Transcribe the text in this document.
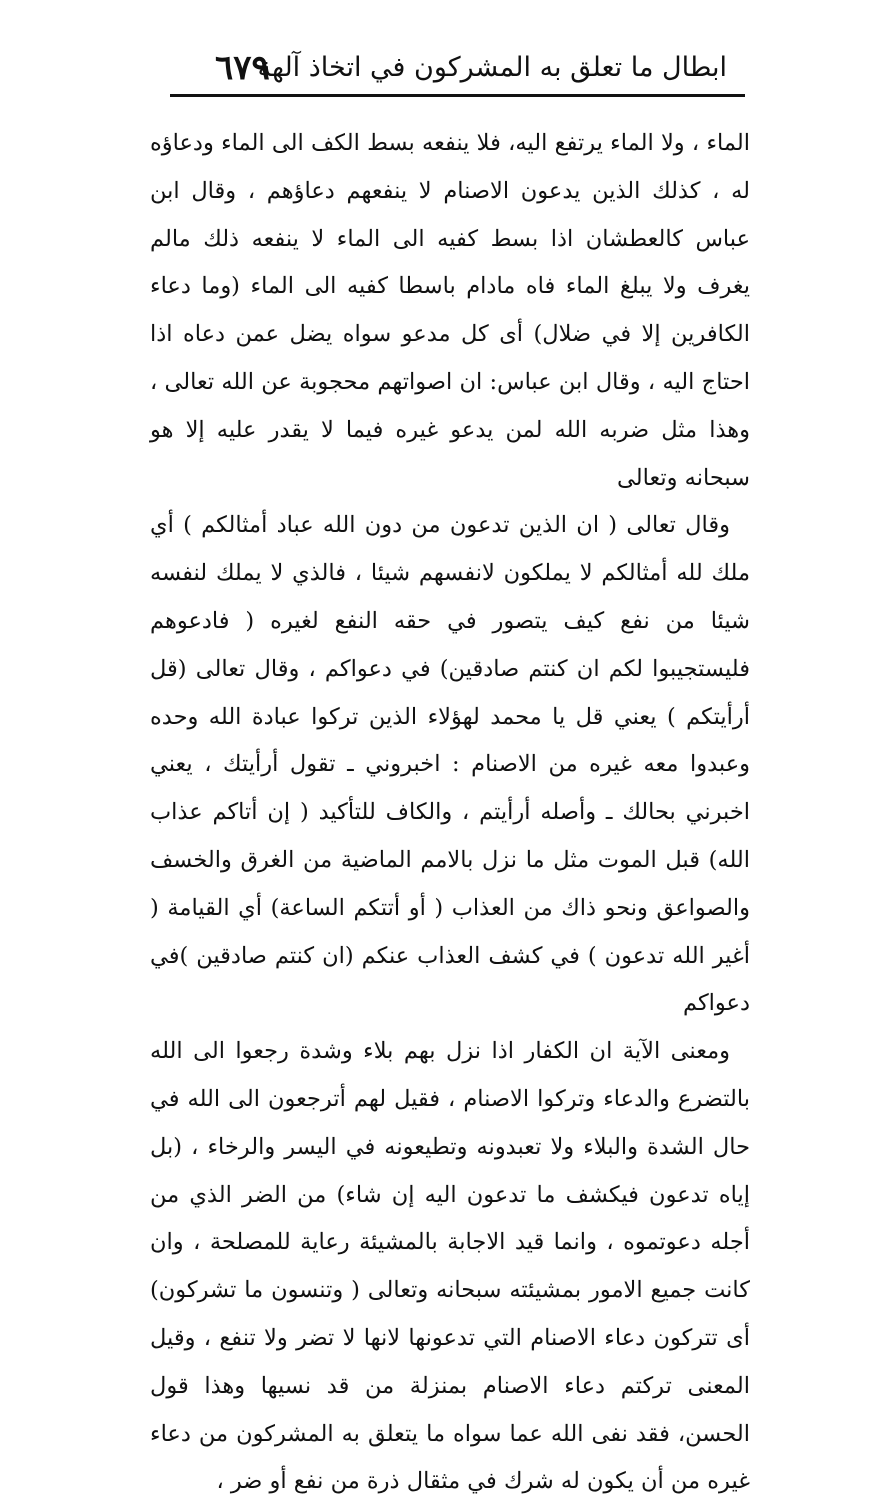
ابطال ما تعلق به المشركون في اتخاذ آلهة
٦٧٩

الماء ، ولا الماء يرتفع اليه، فلا ينفعه بسط الكف الى الماء ودعاؤه له ، كذلك الذين يدعون الاصنام لا ينفعهم دعاؤهم ، وقال ابن عباس كالعطشان اذا بسط كفيه الى الماء لا ينفعه ذلك مالم يغرف ولا يبلغ الماء فاه مادام باسطا كفيه الى الماء (وما دعاء الكافرين إلا في ضلال) أى كل مدعو سواه يضل عمن دعاه اذا احتاج اليه ، وقال ابن عباس: ان اصواتهم محجوبة عن الله تعالى ، وهذا مثل ضربه الله لمن يدعو غيره فيما لا يقدر عليه إلا هو سبحانه وتعالى

وقال تعالى ( ان الذين تدعون من دون الله عباد أمثالكم ) أي ملك لله أمثالكم لا يملكون لانفسهم شيئا ، فالذي لا يملك لنفسه شيئا من نفع كيف يتصور في حقه النفع لغيره ( فادعوهم فليستجيبوا لكم ان كنتم صادقين) في دعواكم ، وقال تعالى (قل أرأيتكم ) يعني قل يا محمد لهؤلاء الذين تركوا عبادة الله وحده وعبدوا معه غيره من الاصنام : اخبروني ـ تقول أرأيتك ، يعني اخبرني بحالك ـ وأصله أرأيتم ، والكاف للتأكيد ( إن أتاكم عذاب الله) قبل الموت مثل ما نزل بالامم الماضية من الغرق والخسف والصواعق ونحو ذاك من العذاب ( أو أتتكم الساعة) أي القيامة ( أغير الله تدعون ) في كشف العذاب عنكم (ان كنتم صادقين )في دعواكم

ومعنى الآية ان الكفار اذا نزل بهم بلاء وشدة رجعوا الى الله بالتضرع والدعاء وتركوا الاصنام ، فقيل لهم أترجعون الى الله في حال الشدة والبلاء ولا تعبدونه وتطيعونه في اليسر والرخاء ، (بل إياه تدعون فيكشف ما تدعون اليه إن شاء) من الضر الذي من أجله دعوتموه ، وانما قيد الاجابة بالمشيئة رعاية للمصلحة ، وان كانت جميع الامور بمشيئته سبحانه وتعالى ( وتنسون ما تشركون) أى تتركون دعاء الاصنام التي تدعونها لانها لا تضر ولا تنفع ، وقيل المعنى تركتم دعاء الاصنام بمنزلة من قد نسيها وهذا قول الحسن، فقد نفى الله عما سواه ما يتعلق به المشركون من دعاء غيره من أن يكون له شرك في مثقال ذرة من نفع أو ضر ،
